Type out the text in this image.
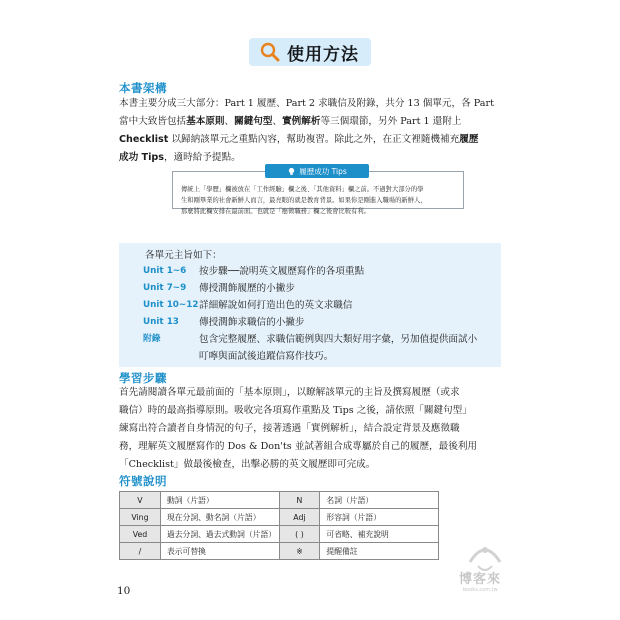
使用方法
本書架構
本書主要分成三大部分：Part 1 履歷、Part 2 求職信及附錄，共分 13 個單元，各 Part
當中大致皆包括基本原則、關鍵句型、實例解析等三個環節，另外 Part 1 還附上
Checklist 以歸納該單元之重點內容，幫助複習。除此之外，在正文裡隨機補充履歷
成功 Tips，適時給予提點。
履歷成功 Tips
傳統上「學歷」欄被放在「工作經驗」欄之後、「其他資料」欄之前。不過對大部分的學
生和剛畢業的社會新鮮人而言，最亮眼的就是教育背景。如果你是剛進入職場的新鮮人，
那麼將此欄安排在最前面。也就是「應徵職務」欄之後會比較有利。
各單元主旨如下：
Unit 1~6	按步驟──說明英文履歷寫作的各項重點
Unit 7~9	傳授潤飾履歷的小撇步
Unit 10~12 詳細解說如何打造出色的英文求職信
Unit 13	傳授潤飾求職信的小撇步
附錄	包含完整履歷、求職信範例與四大類好用字彙，另加值提供面試小
叮嚀與面試後追蹤信寫作技巧。
學習步驟
首先請閱讀各單元最前面的「基本原則」，以瞭解該單元的主旨及撰寫履歷（或求
職信）時的最高指導原則。吸收完各項寫作重點及 Tips 之後，請依照「關鍵句型」
練寫出符合讀者自身情況的句子，接著透過「實例解析」，結合設定背景及應徵職
務，理解英文履歷寫作的 Dos & Don'ts 並試著組合成專屬於自己的履歷，最後利用
「Checklist」做最後檢查，出擊必勝的英文履歷即可完成。
符號說明
V	動詞（片語）	N	名詞（片語）
Ving	現在分詞、動名詞（片語）	Adj	形容詞（片語）
Ved	過去分詞、過去式動詞（片語）	( )	可省略、補充說明
/	表示可替換	※	提醒備註
10
博客來
books.com.tw
